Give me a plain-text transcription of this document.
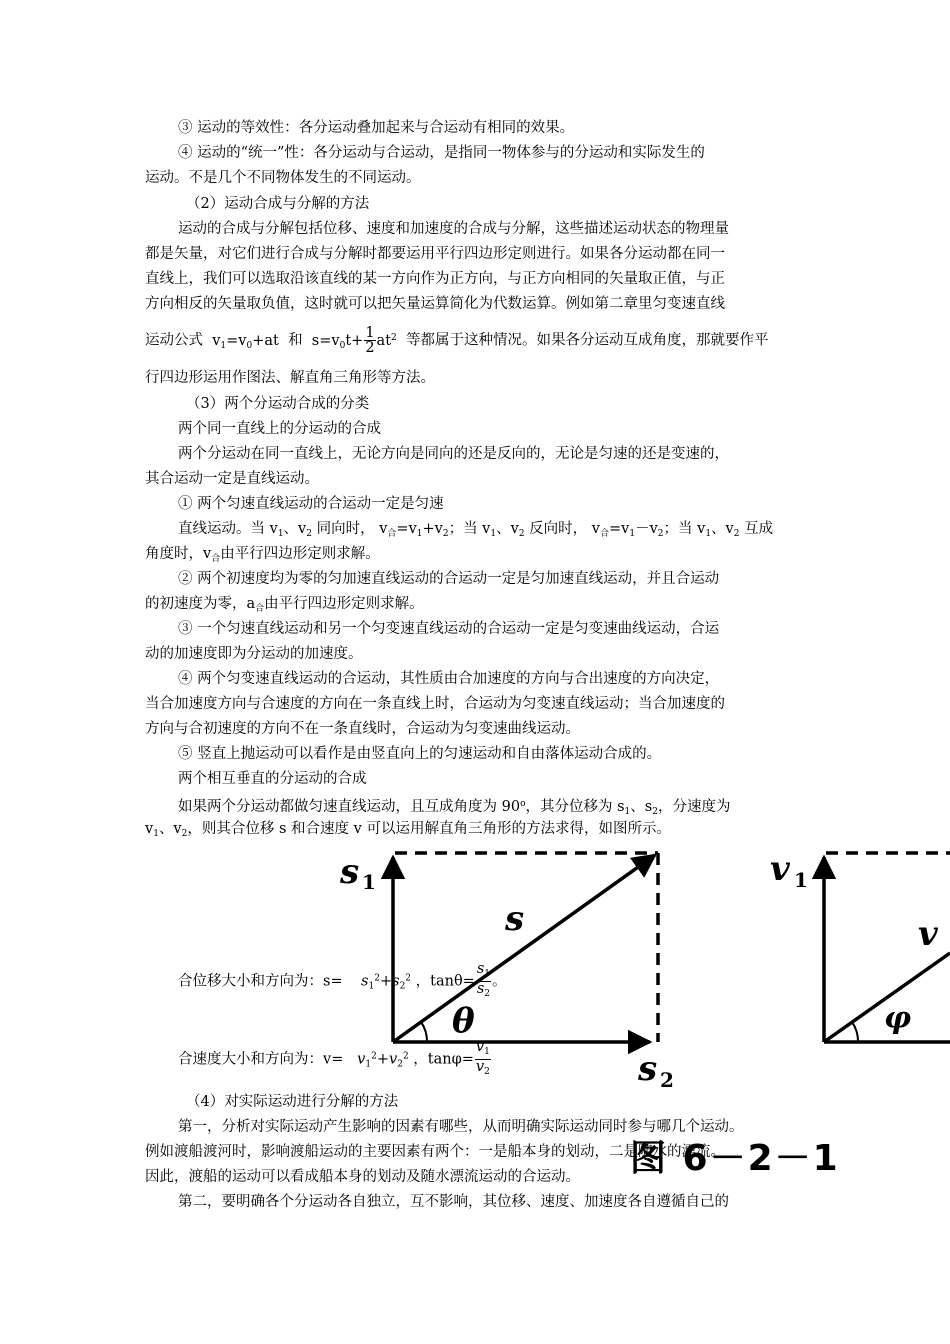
③ 运动的等效性：各分运动叠加起来与合运动有相同的效果。
④ 运动的“统一”性：各分运动与合运动，是指同一物体参与的分运动和实际发生的
运动。不是几个不同物体发生的不同运动。
（2）运动合成与分解的方法
运动的合成与分解包括位移、速度和加速度的合成与分解，这些描述运动状态的物理量
都是矢量，对它们进行合成与分解时都要运用平行四边形定则进行。如果各分运动都在同一
直线上，我们可以选取沿该直线的某一方向作为正方向，与正方向相同的矢量取正值，与正
方向相反的矢量取负值，这时就可以把矢量运算简化为代数运算。例如第二章里匀变速直线
运动公式  $v_1=v_0+at$  和  $s=v_0t+ \frac{1}{2} at^2$ 等都属于这种情况。如果各分运动互成角度，那就要作平
行四边形运用作图法、解直角三角形等方法。
（3）两个分运动合成的分类
两个同一直线上的分运动的合成
两个分运动在同一直线上，无论方向是同向的还是反向的，无论是匀速的还是变速的，
其合运动一定是直线运动。
① 两个匀速直线运动的合运动一定是匀速
直线运动。当 $v_1$、$v_2$ 同向时， $v_合=v_1+v_2$；当 $v_1$、$v_2$ 反向时， $v_合=v_1-v_2$；当 $v_1$、$v_2$ 互成
角度时，$v_合$由平行四边形定则求解。
② 两个初速度均为零的匀加速直线运动的合运动一定是匀加速直线运动，并且合运动
的初速度为零，$a_合$由平行四边形定则求解。
③ 一个匀速直线运动和另一个匀变速直线运动的合运动一定是匀变速曲线运动，合运
动的加速度即为分运动的加速度。
④ 两个匀变速直线运动的合运动，其性质由合加速度的方向与合出速度的方向决定，
当合加速度方向与合速度的方向在一条直线上时，合运动为匀变速直线运动；当合加速度的
方向与合初速度的方向不在一条直线时，合运动为匀变速曲线运动。
⑤ 竖直上抛运动可以看作是由竖直向上的匀速运动和自由落体运动合成的。
两个相互垂直的分运动的合成
如果两个分运动都做匀速直线运动，且互成角度为 90$^o$，其分位移为 $s_1$、$s_2$，分速度为
$v_1$、$v_2$，则其合位移 s 和合速度 v 可以运用解直角三角形的方法求得，如图所示。
s 1
s
θ
s 2
v 1
v
φ
合位移大小和方向为：$s= s_1^2+s_2^2$ ，$\tan\theta= \frac{s_1}{s_2}$ 。
合速度大小和方向为：$v= v_1^2+v_2^2$ ，$\tan\varphi= \frac{v_1}{v_2}$
（4）对实际运动进行分解的方法
第一，分析对实际运动产生影响的因素有哪些，从而明确实际运动同时参与哪几个运动。
例如渡船渡河时，影响渡船运动的主要因素有两个：一是船本身的划动，二是随水的漂流。
因此，渡船的运动可以看成船本身的划动及随水漂流运动的合运动。
第二，要明确各个分运动各自独立，互不影响，其位移、速度、加速度各自遵循自己的
图 6－2－1
